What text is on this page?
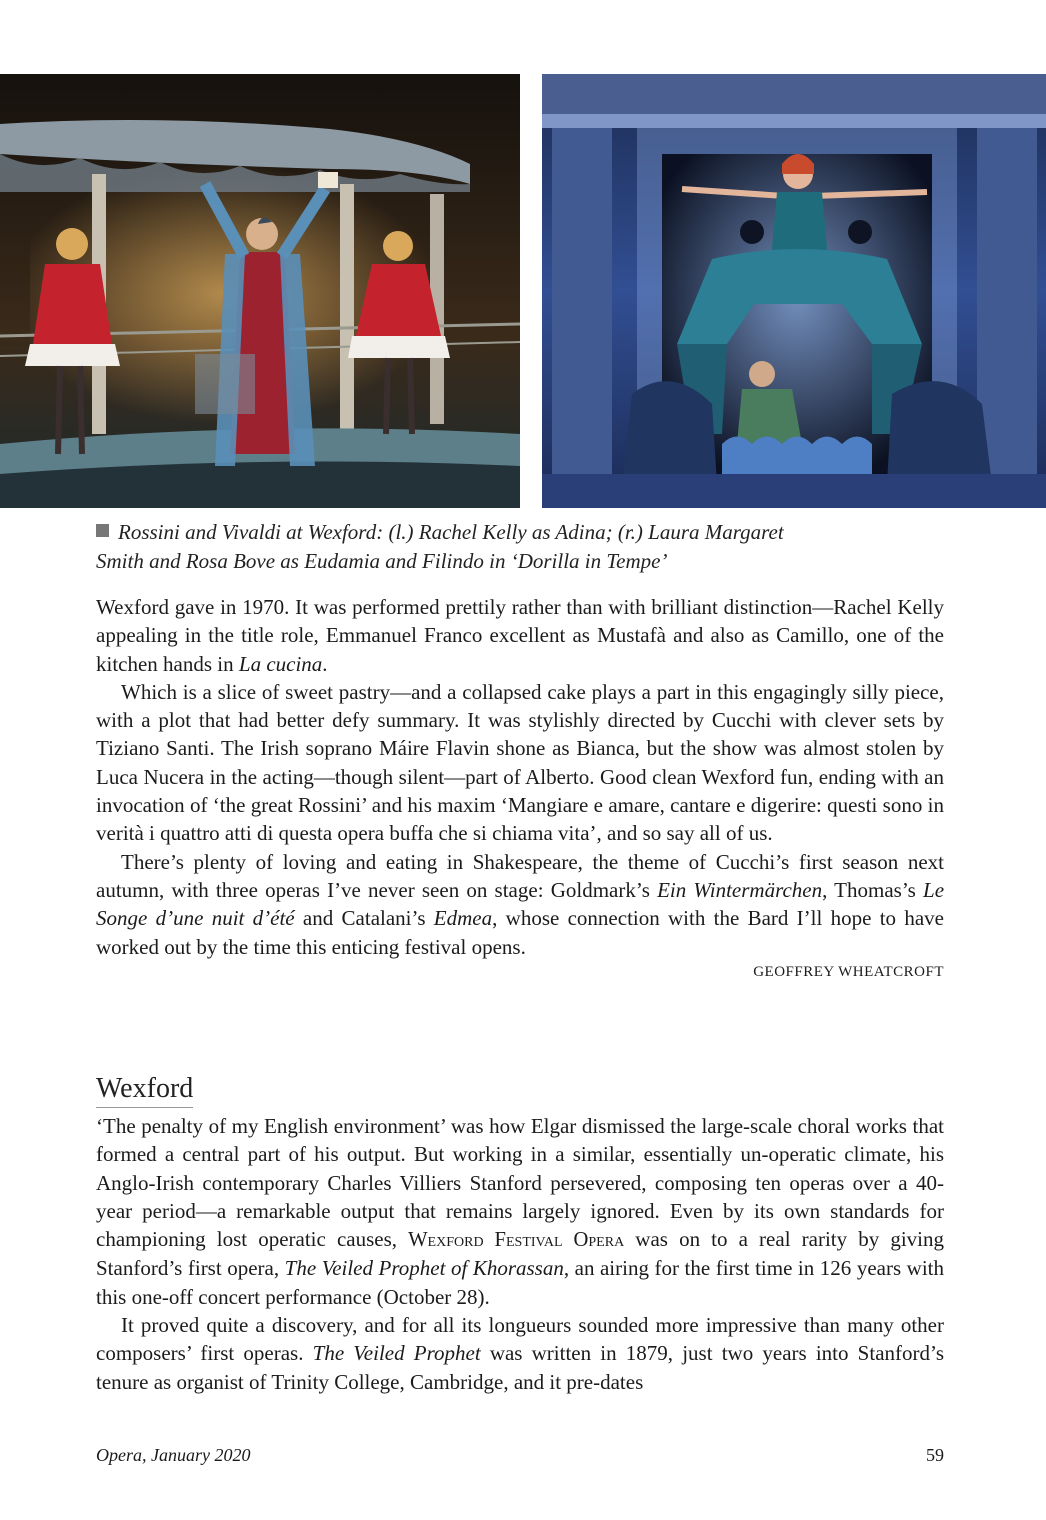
Rossini and Vivaldi at Wexford: (l.) Rachel Kelly as Adina; (r.) Laura Margaret
Smith and Rosa Bove as Eudamia and Filindo in ‘Dorilla in Tempe’

Wexford gave in 1970. It was performed prettily rather than with brilliant distinction—Rachel Kelly appealing in the title role, Emmanuel Franco excellent as Mustafà and also as Camillo, one of the kitchen hands in La cucina.

Which is a slice of sweet pastry—and a collapsed cake plays a part in this engagingly silly piece, with a plot that had better defy summary. It was stylishly directed by Cucchi with clever sets by Tiziano Santi. The Irish soprano Máire Flavin shone as Bianca, but the show was almost stolen by Luca Nucera in the acting—though silent—part of Alberto. Good clean Wexford fun, ending with an invocation of ‘the great Rossini’ and his maxim ‘Mangiare e amare, cantare e digerire: questi sono in verità i quattro atti di questa opera buffa che si chiama vita’, and so say all of us.

There’s plenty of loving and eating in Shakespeare, the theme of Cucchi’s first season next autumn, with three operas I’ve never seen on stage: Goldmark’s Ein Wintermärchen, Thomas’s Le Songe d’une nuit d’été and Catalani’s Edmea, whose connection with the Bard I’ll hope to have worked out by the time this enticing festival opens.

GEOFFREY WHEATCROFT

Wexford

‘The penalty of my English environment’ was how Elgar dismissed the large-scale choral works that formed a central part of his output. But working in a similar, essentially un-operatic climate, his Anglo-Irish contemporary Charles Villiers Stanford persevered, composing ten operas over a 40-year period—a remarkable output that remains largely ignored. Even by its own standards for championing lost operatic causes, Wexford Festival Opera was on to a real rarity by giving Stanford’s first opera, The Veiled Prophet of Khorassan, an airing for the first time in 126 years with this one-off concert performance (October 28).

It proved quite a discovery, and for all its longueurs sounded more impressive than many other composers’ first operas. The Veiled Prophet was written in 1879, just two years into Stanford’s tenure as organist of Trinity College, Cambridge, and it pre-dates

Opera, January 2020	59
